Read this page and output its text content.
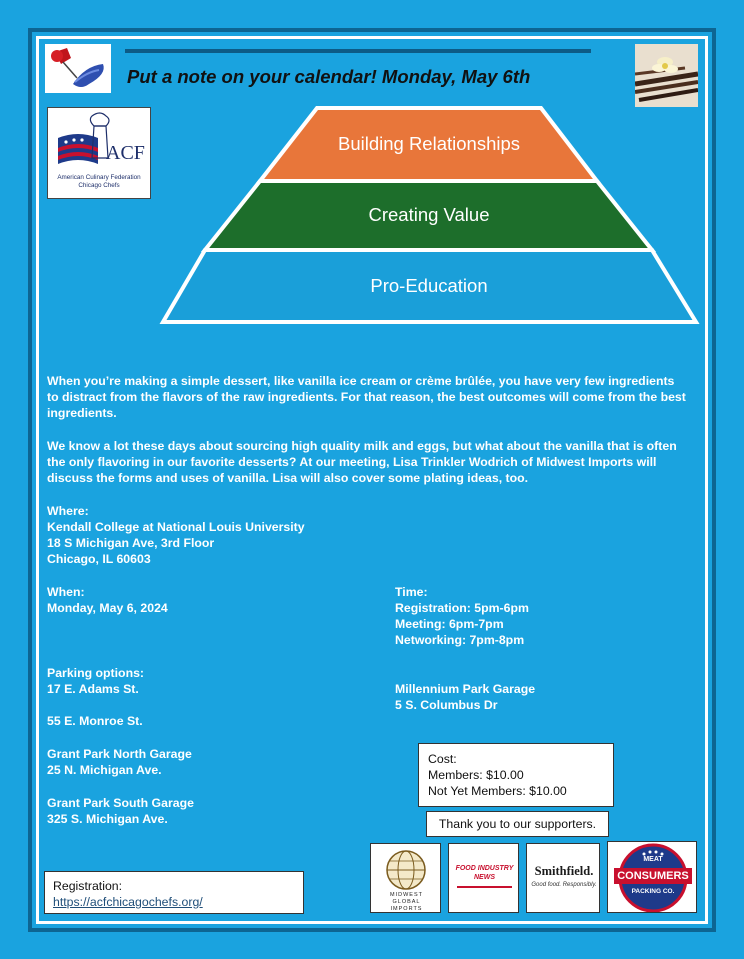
Put a note on your calendar! Monday, May 6th
ACF
American Culinary Federation
Chicago Chefs
Building Relationships
Creating Value
Pro-Education
When you’re making a simple dessert, like vanilla ice cream or crème brûlée, you have very few ingredients to distract from the flavors of the raw ingredients. For that reason, the best outcomes will come from the best ingredients.
We know a lot these days about sourcing high quality milk and eggs, but what about the vanilla that is often the only flavoring in our favorite desserts? At our meeting, Lisa Trinkler Wodrich of Midwest Imports will discuss the forms and uses of vanilla. Lisa will also cover some plating ideas, too.
Where:
Kendall College at National Louis University
18 S Michigan Ave, 3rd Floor
Chicago, IL 60603
When:
Monday, May 6, 2024
Time:
Registration: 5pm-6pm
Meeting: 6pm-7pm
Networking: 7pm-8pm
Parking options:
17 E. Adams St.
55 E. Monroe St.
Grant Park North Garage
25 N. Michigan Ave.
Grant Park South Garage
325 S. Michigan Ave.
Millennium Park Garage
5 S. Columbus Dr
Cost:
Members: $10.00
Not Yet Members: $10.00
Thank you to our supporters.
MIDWEST GLOBAL IMPORTS
FOOD INDUSTRY NEWS	Smithfield.
Good food. Responsibly.
MEAT
CONSUMERS
PACKING CO.
Registration:
https://acfchicagochefs.org/
